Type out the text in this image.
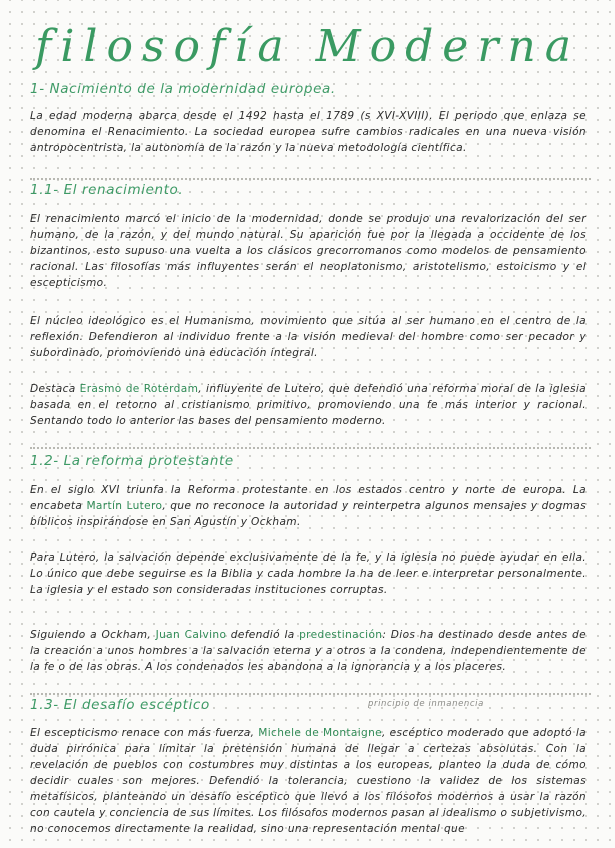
filosofía Moderna
1- Nacimiento de la modernidad europea.

La edad moderna abarca desde el 1492 hasta el 1789 (s XVI-XVIII). El periodo que enlaza se denomina el Renacimiento. La sociedad europea sufre cambios radicales en una nueva visión antropocentrista, la autonomía de la razón y la nueva metodología científica.

1.1- El renacimiento.

El renacimiento marcó el inicio de la modernidad, donde se produjo una revalorización del ser humano, de la razón, y del mundo natural. Su aparición fue por la llegada a occidente de los bizantinos, esto supuso una vuelta a los clásicos grecorromanos como modelos de pensamiento racional. Las filosofías más influyentes serán el neoplatonismo, aristotelismo, estoicismo y el escepticismo.

El núcleo ideológico es el Humanismo, movimiento que sitúa al ser humano en el centro de la reflexión. Defendieron al individuo frente a la visión medieval del hombre como ser pecador y subordinado, promoviendo una educación integral.

Destaca Erasmo de Roterdam, influyente de Lutero, que defendió una reforma moral de la iglesia basada en el retorno al cristianismo primitivo, promoviendo una fe más interior y racional. Sentando todo lo anterior las bases del pensamiento moderno.

1.2- La reforma protestante

En el siglo XVI triunfa la Reforma protestante en los estados centro y norte de europa. La encabeta Martín Lutero, que no reconoce la autoridad y reinterpetra algunos mensajes y dogmas bíblicos inspirándose en San Agustín y Ockham.

Para Lutero, la salvación depende exclusivamente de la fe, y la iglesia no puede ayudar en ella. Lo único que debe seguirse es la Biblia y cada hombre la ha de leer e interpretar personalmente. La iglesia y el estado son consideradas instituciones corruptas.

Siguiendo a Ockham, Juan Calvino defendió la predestinación: Dios ha destinado desde antes de la creación a unos hombres a la salvación eterna y a otros a la condena, independientemente de la fe o de las obras. A los condenados les abandona a la ignorancia y a los placeres.

1.3- El desafío escéptico	principio de inmanencia

El escepticismo renace con más fuerza, Michele de Montaigne, escéptico moderado que adoptó la duda pirrónica para limitar la pretensión humana de llegar a certezas absolutas. Con la revelación de pueblos con costumbres muy distintas a los europeas, planteo la duda de cómo decidir cuales son mejores. Defendió la tolerancia, cuestiono la validez de los sistemas metafísicos, planteando un desafío escéptico que llevó a los filósofos modernos a usar la razón con cautela y conciencia de sus límites. Los filósofos modernos pasan al idealismo o subjetivismo, no conocemos directamente la realidad, sino una representación mental que
